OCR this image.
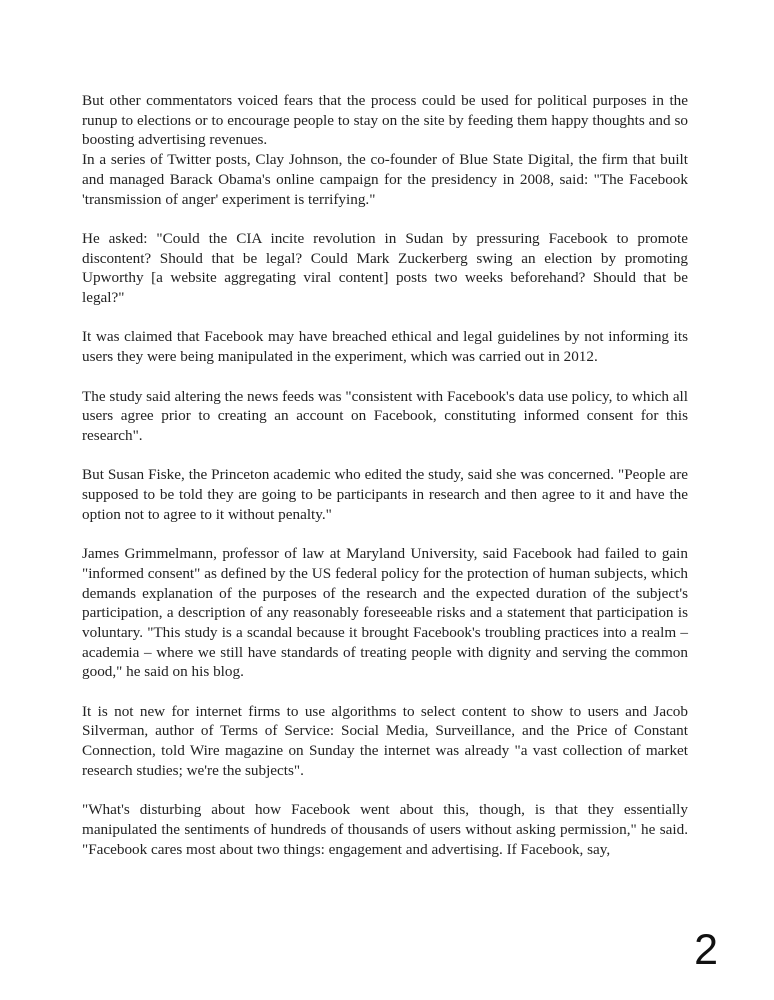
But other commentators voiced fears that the process could be used for political purposes in the runup to elections or to encourage people to stay on the site by feeding them happy thoughts and so boosting advertising revenues.

In a series of Twitter posts, Clay Johnson, the co-founder of Blue State Digital, the firm that built and managed Barack Obama's online campaign for the presidency in 2008, said: "The Facebook 'transmission of anger' experiment is terrifying."

He asked: "Could the CIA incite revolution in Sudan by pressuring Facebook to promote discontent? Should that be legal? Could Mark Zuckerberg swing an election by promoting Upworthy [a website aggregating viral content] posts two weeks beforehand? Should that be legal?"

It was claimed that Facebook may have breached ethical and legal guidelines by not informing its users they were being manipulated in the experiment, which was carried out in 2012.

The study said altering the news feeds was "consistent with Facebook's data use policy, to which all users agree prior to creating an account on Facebook, constituting informed consent for this research".

But Susan Fiske, the Princeton academic who edited the study, said she was concerned. "People are supposed to be told they are going to be participants in research and then agree to it and have the option not to agree to it without penalty."

James Grimmelmann, professor of law at Maryland University, said Facebook had failed to gain "informed consent" as defined by the US federal policy for the protection of human subjects, which demands explanation of the purposes of the research and the expected duration of the subject's participation, a description of any reasonably foreseeable risks and a statement that participation is voluntary. "This study is a scandal because it brought Facebook's troubling practices into a realm – academia – where we still have standards of treating people with dignity and serving the common good," he said on his blog.

It is not new for internet firms to use algorithms to select content to show to users and Jacob Silverman, author of Terms of Service: Social Media, Surveillance, and the Price of Constant Connection, told Wire magazine on Sunday the internet was already "a vast collection of market research studies; we're the subjects".

"What's disturbing about how Facebook went about this, though, is that they essentially manipulated the sentiments of hundreds of thousands of users without asking permission," he said. "Facebook cares most about two things: engagement and advertising. If Facebook, say,

2
